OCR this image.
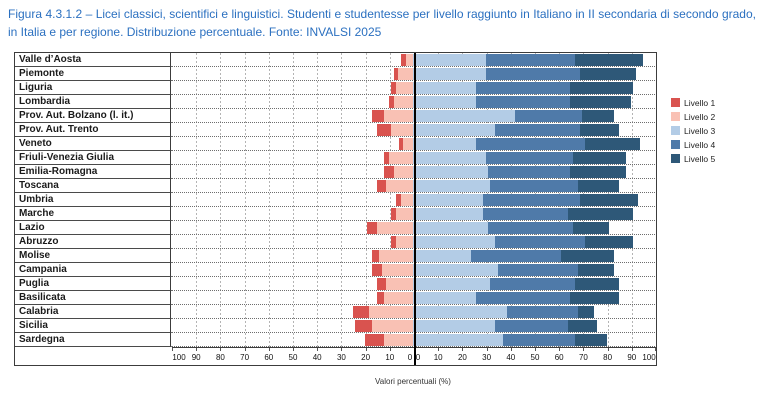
Figura 4.3.1.2 – Licei classici, scientifici e linguistici. Studenti e studentesse per livello raggiunto in Italiano in II secondaria di secondo grado, in Italia e per regione. Distribuzione percentuale. Fonte: INVALSI 2025
Valle d’Aosta
Piemonte
Liguria
Lombardia
Prov. Aut. Bolzano (l. it.)
Prov. Aut. Trento
Veneto
Friuli-Venezia Giulia
Emilia-Romagna
Toscana
Umbria
Marche
Lazio
Abruzzo
Molise
Campania
Puglia
Basilicata
Calabria
Sicilia
Sardegna
100 90	80	70	60	50	40	30	20	10	0 0	10	20	30	40	50	60	70	80	90 100
Valori percentuali (%)
Livello 1
Livello 2
Livello 3
Livello 4
Livello 5
